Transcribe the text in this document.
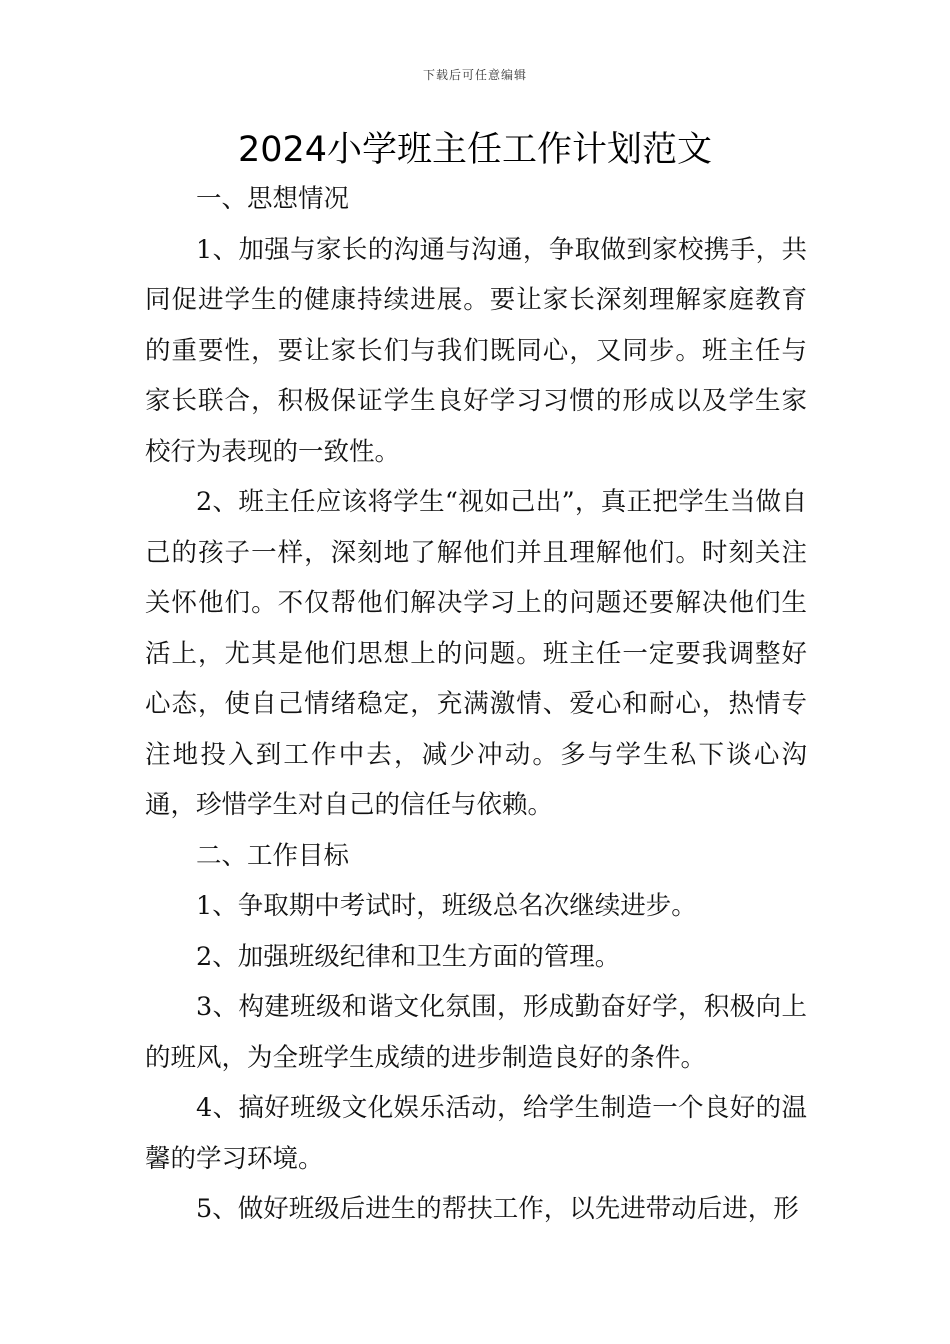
下载后可任意编辑
2024小学班主任工作计划范文

一、思想情况

1、加强与家长的沟通与沟通，争取做到家校携手，共同促进学生的健康持续进展。要让家长深刻理解家庭教育的重要性，要让家长们与我们既同心，又同步。班主任与家长联合，积极保证学生良好学习习惯的形成以及学生家校行为表现的一致性。

2、班主任应该将学生“视如己出”，真正把学生当做自己的孩子一样，深刻地了解他们并且理解他们。时刻关注关怀他们。不仅帮他们解决学习上的问题还要解决他们生活上，尤其是他们思想上的问题。班主任一定要我调整好心态，使自己情绪稳定，充满激情、爱心和耐心，热情专注地投入到工作中去，减少冲动。多与学生私下谈心沟通，珍惜学生对自己的信任与依赖。

二、工作目标

1、争取期中考试时，班级总名次继续进步。

2、加强班级纪律和卫生方面的管理。

3、构建班级和谐文化氛围，形成勤奋好学，积极向上的班风，为全班学生成绩的进步制造良好的条件。

4、搞好班级文化娱乐活动，给学生制造一个良好的温馨的学习环境。

5、做好班级后进生的帮扶工作，以先进带动后进，形
